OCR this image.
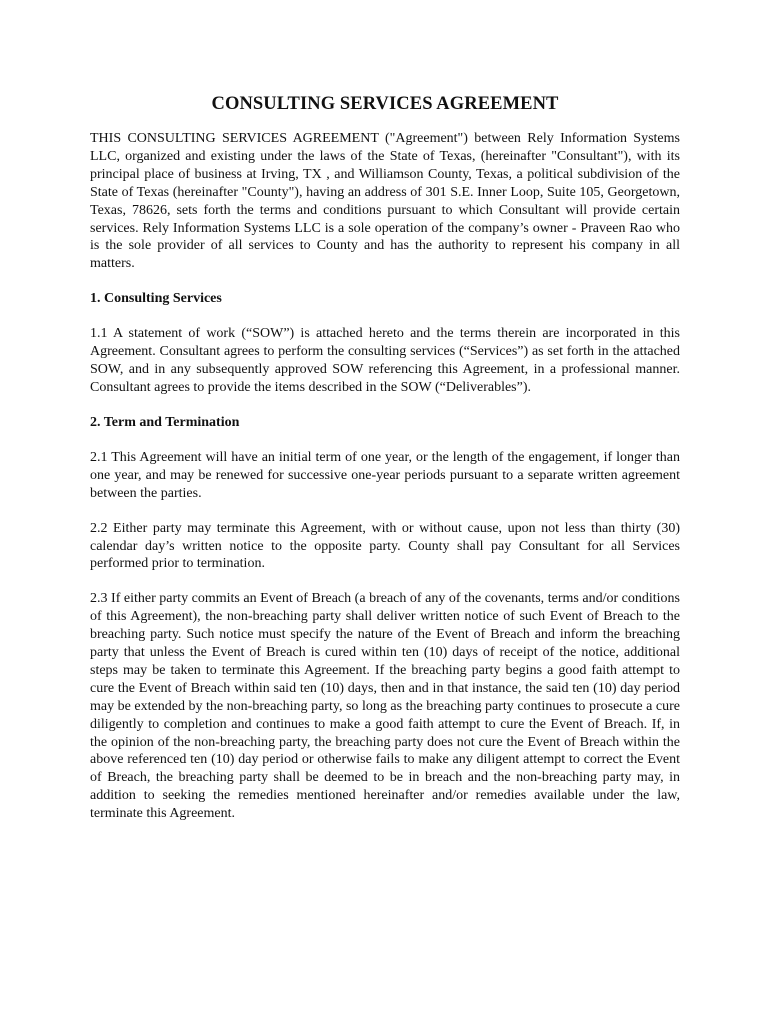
CONSULTING SERVICES AGREEMENT

THIS CONSULTING SERVICES AGREEMENT ("Agreement") between Rely Information Systems LLC, organized and existing under the laws of the State of Texas, (hereinafter "Consultant"), with its principal place of business at Irving, TX , and Williamson County, Texas, a political subdivision of the State of Texas (hereinafter "County"), having an address of 301 S.E. Inner Loop, Suite 105, Georgetown, Texas, 78626, sets forth the terms and conditions pursuant to which Consultant will provide certain services. Rely Information Systems LLC is a sole operation of the company’s owner - Praveen Rao who is the sole provider of all services to County and has the authority to represent his company in all matters.

1. Consulting Services

1.1 A statement of work (“SOW”) is attached hereto and the terms therein are incorporated in this Agreement. Consultant agrees to perform the consulting services (“Services”) as set forth in the attached SOW, and in any subsequently approved SOW referencing this Agreement, in a professional manner. Consultant agrees to provide the items described in the SOW (“Deliverables”).

2. Term and Termination

2.1 This Agreement will have an initial term of one year, or the length of the engagement, if longer than one year, and may be renewed for successive one-year periods pursuant to a separate written agreement between the parties.

2.2 Either party may terminate this Agreement, with or without cause, upon not less than thirty (30) calendar day’s written notice to the opposite party. County shall pay Consultant for all Services performed prior to termination.

2.3 If either party commits an Event of Breach (a breach of any of the covenants, terms and/or conditions of this Agreement), the non-breaching party shall deliver written notice of such Event of Breach to the breaching party. Such notice must specify the nature of the Event of Breach and inform the breaching party that unless the Event of Breach is cured within ten (10) days of receipt of the notice, additional steps may be taken to terminate this Agreement. If the breaching party begins a good faith attempt to cure the Event of Breach within said ten (10) days, then and in that instance, the said ten (10) day period may be extended by the non-breaching party, so long as the breaching party continues to prosecute a cure diligently to completion and continues to make a good faith attempt to cure the Event of Breach. If, in the opinion of the non-breaching party, the breaching party does not cure the Event of Breach within the above referenced ten (10) day period or otherwise fails to make any diligent attempt to correct the Event of Breach, the breaching party shall be deemed to be in breach and the non-breaching party may, in addition to seeking the remedies mentioned hereinafter and/or remedies available under the law, terminate this Agreement.
